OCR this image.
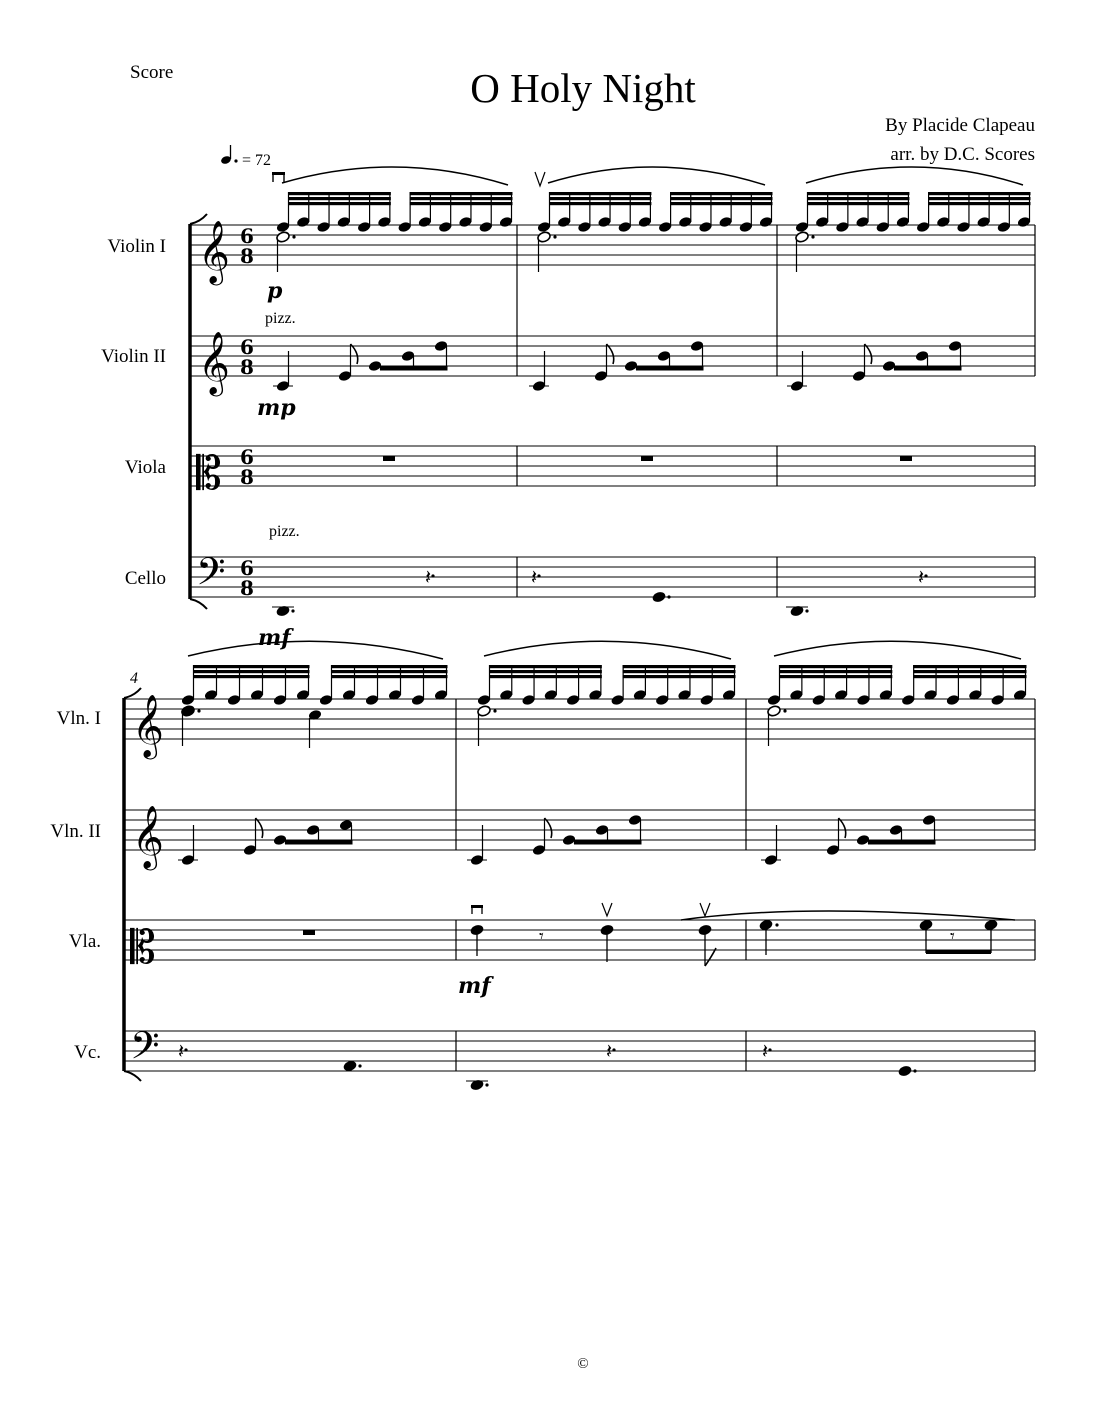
Score	O Holy Night
By Placide Clapeau
arr. by D.C. Scores
= 72
Violin I
Violin II
Viola
Cello
𝄞
𝄞
𝄡
𝄢
6
8
6
8
6
8
6
8
p
pizz.
mp
pizz.
mf
𝄽	𝄽	𝄽
4
Vln. I
Vln. II
Vla.
Vc.
𝄞
𝄞
𝄡
𝄢
𝄾
mf
𝄾
𝄽	𝄽	𝄽
©
